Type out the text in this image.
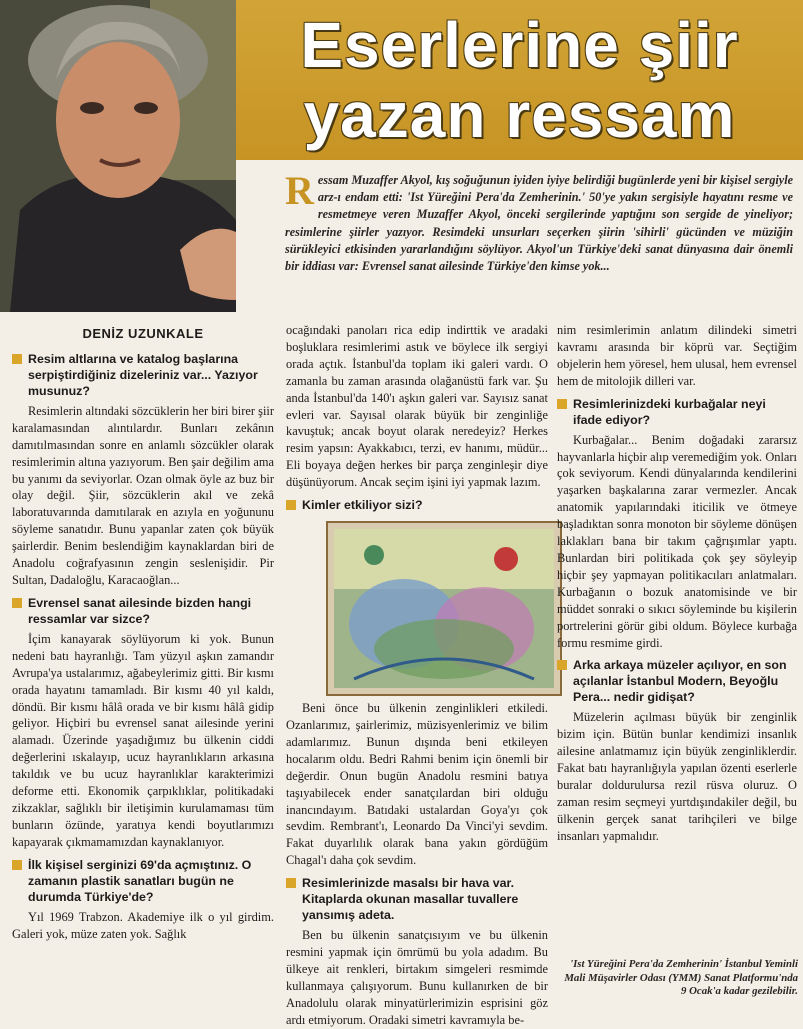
Eserlerine şiir
yazan ressam
Ressam Muzaffer Akyol, kış soğuğunun iyiden iyiye belirdiği bugünlerde yeni bir kişisel sergiyle arz-ı endam etti: 'Ist Yüreğini Pera'da Zemherinin.' 50'ye yakın sergisiyle hayatını resme ve resmetmeye veren Muzaffer Akyol, önceki sergilerinde yaptığını son sergide de yineliyor; resimlerine şiirler yazıyor. Resimdeki unsurları seçerken şiirin 'sihirli' gücünden ve müziğin sürükleyici etkisinden yararlandığını söylüyor. Akyol'un Türkiye'deki sanat dünyasına dair önemli bir iddiası var: Evrensel sanat ailesinde Türkiye'den kimse yok...
DENİZ UZUNKALE
Resim altlarına ve katalog başlarına serpiştirdiğiniz dizeleriniz var... Yazıyor musunuz?

Resimlerin altındaki sözcüklerin her biri birer şiir karalamasından alıntılardır. Bunları zekânın damıtılmasından sonre en anlamlı sözcükler olarak resimlerimin altına yazıyorum. Ben şair değilim ama bu yanımı da seviyorlar. Ozan olmak öyle az buz bir olay değil. Şiir, sözcüklerin akıl ve zekâ laboratuvarında damıtılarak en azıyla en yoğununu söyleme sanatıdır. Bunu yapanlar zaten çok büyük şairlerdir. Benim beslendiğim kaynaklardan biri de Anadolu coğrafyasının zengin seslenişidir. Pir Sultan, Dadaloğlu, Karacaoğlan...

Evrensel sanat ailesinde bizden hangi ressamlar var sizce?

İçim kanayarak söylüyorum ki yok. Bunun nedeni batı hayranlığı. Tam yüzyıl aşkın zamandır Avrupa'ya ustalarımız, ağabeylerimiz gitti. Bir kısmı orada hayatını tamamladı. Bir kısmı 40 yıl kaldı, döndü. Bir kısmı hâlâ orada ve bir kısmı hâlâ gidip geliyor. Hiçbiri bu evrensel sanat ailesinde yerini alamadı. Üzerinde yaşadığımız bu ülkenin ciddi değerlerini ıskalayıp, ucuz hayranlıkların arkasına takıldık ve bu ucuz hayranlıklar karakterimizi deforme etti. Ekonomik çarpıklıklar, politikadaki zikzaklar, sağlıklı bir iletişimin kurulamaması tüm bunların özünde, yaratıya kendi boyutlarımızı kapayarak çıkmamamızdan kaynaklanıyor.

İlk kişisel serginizi 69'da açmıştınız. O zamanın plastik sanatları bugün ne durumda Türkiye'de?

Yıl 1969 Trabzon. Akademiye ilk o yıl girdim. Galeri yok, müze zaten yok. Sağlık

ocağındaki panoları rica edip indirttik ve aradaki boşluklara resimlerimi astık ve böylece ilk sergiyi orada açtık. İstanbul'da toplam iki galeri vardı. O zamanla bu zaman arasında olağanüstü fark var. Şu anda İstanbul'da 140'ı aşkın galeri var. Sayısız sanat evleri var. Sayısal olarak büyük bir zenginliğe kavuştuk; ancak boyut olarak neredeyiz? Herkes resim yapsın: Ayakkabıcı, terzi, ev hanımı, müdür... Eli boyaya değen herkes bir parça zenginleşir diye düşünüyorum. Ancak seçim işini iyi yapmak lazım.

Kimler etkiliyor sizi?

Beni önce bu ülkenin zenginlikleri etkiledi. Ozanlarımız, şairlerimiz, müzisyenlerimiz ve bilim adamlarımız. Bunun dışında beni etkileyen hocalarım oldu. Bedri Rahmi benim için önemli bir değerdir. Onun bugün Anadolu resmini batıya taşıyabilecek ender sanatçılardan biri olduğu inancındayım. Batıdaki ustalardan Goya'yı çok sevdim. Rembrant'ı, Leonardo Da Vinci'yi sevdim. Fakat duyarlılık olarak bana yakın gördüğüm Chagal'ı daha çok sevdim.

Resimlerinizde masalsı bir hava var. Kitaplarda okunan masallar tuvallere yansımış adeta.

Ben bu ülkenin sanatçısıyım ve bu ülkenin resmini yapmak için ömrümü bu yola adadım. Bu ülkeye ait renkleri, birtakım simgeleri resmimde kullanmaya çalışıyorum. Bunu kullanırken de bir Anadolulu olarak minyatürlerimizin esprisini göz ardı etmiyorum. Oradaki simetri kavramıyla be-

nim resimlerimin anlatım dilindeki simetri kavramı arasında bir köprü var. Seçtiğim objelerin hem yöresel, hem ulusal, hem evrensel hem de mitolojik dilleri var.

Resimlerinizdeki kurbağalar neyi ifade ediyor?

Kurbağalar... Benim doğadaki zararsız hayvanlarla hiçbir alıp veremediğim yok. Onları çok seviyorum. Kendi dünyalarında kendilerini yaşarken başkalarına zarar vermezler. Ancak anatomik yapılarındaki iticilik ve ötmeye başladıktan sonra monoton bir söyleme dönüşen laklakları bana bir takım çağrışımlar yaptı. Bunlardan biri politikada çok şey söyleyip hiçbir şey yapmayan politikacıları anlatmaları. Kurbağanın o bozuk anatomisinde ve bir müddet sonraki o sıkıcı söyleminde bu kişilerin portrelerini görür gibi oldum. Böylece kurbağa formu resmime girdi.

Arka arkaya müzeler açılıyor, en son açılanlar İstanbul Modern, Beyoğlu Pera... nedir gidişat?

Müzelerin açılması büyük bir zenginlik bizim için. Bütün bunlar kendimizi insanlık ailesine anlatmamız için büyük zenginliklerdir. Fakat batı hayranlığıyla yapılan özenti eserlerle buralar doldurulursa rezil rüsva oluruz. O zaman resim seçmeyi yurtdışındakiler değil, bu ülkenin gerçek sanat tarihçileri ve bilge insanları yapmalıdır.

'Ist Yüreğini Pera'da Zemherinin' İstanbul Yeminli Mali Müşavirler Odası (YMM) Sanat Platformu'nda 9 Ocak'a kadar gezilebilir.
